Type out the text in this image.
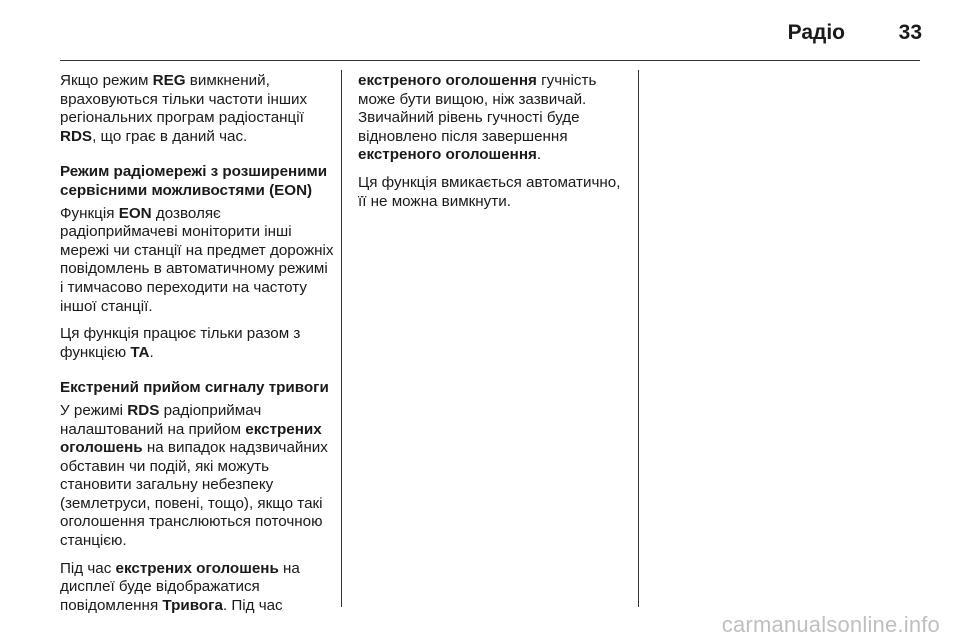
Радіо	33

Якщо режим REG вимкнений, враховуються тільки частоти інших регіональних програм радіостанції RDS, що грає в даний час.

Режим радіомережі з розширеними сервісними можливостями (EON)

Функція EON дозволяє радіоприймачеві моніторити інші мережі чи станції на предмет дорожніх повідомлень в автоматичному режимі і тимчасово переходити на частоту іншої станції.

Ця функція працює тільки разом з функцією TA.

Екстрений прийом сигналу тривоги

У режимі RDS радіоприймач налаштований на прийом екстрених оголошень на випадок надзвичайних обставин чи подій, які можуть становити загальну небезпеку (землетруси, повені, тощо), якщо такі оголошення транслюються поточною станцією.

Під час екстрених оголошень на дисплеї буде відображатися повідомлення Тривога. Під час

екстреного оголошення гучність може бути вищою, ніж зазвичай. Звичайний рівень гучності буде відновлено після завершення екстреного оголошення.

Ця функція вмикається автоматично, її не можна вимкнути.

carmanualsonline.info
